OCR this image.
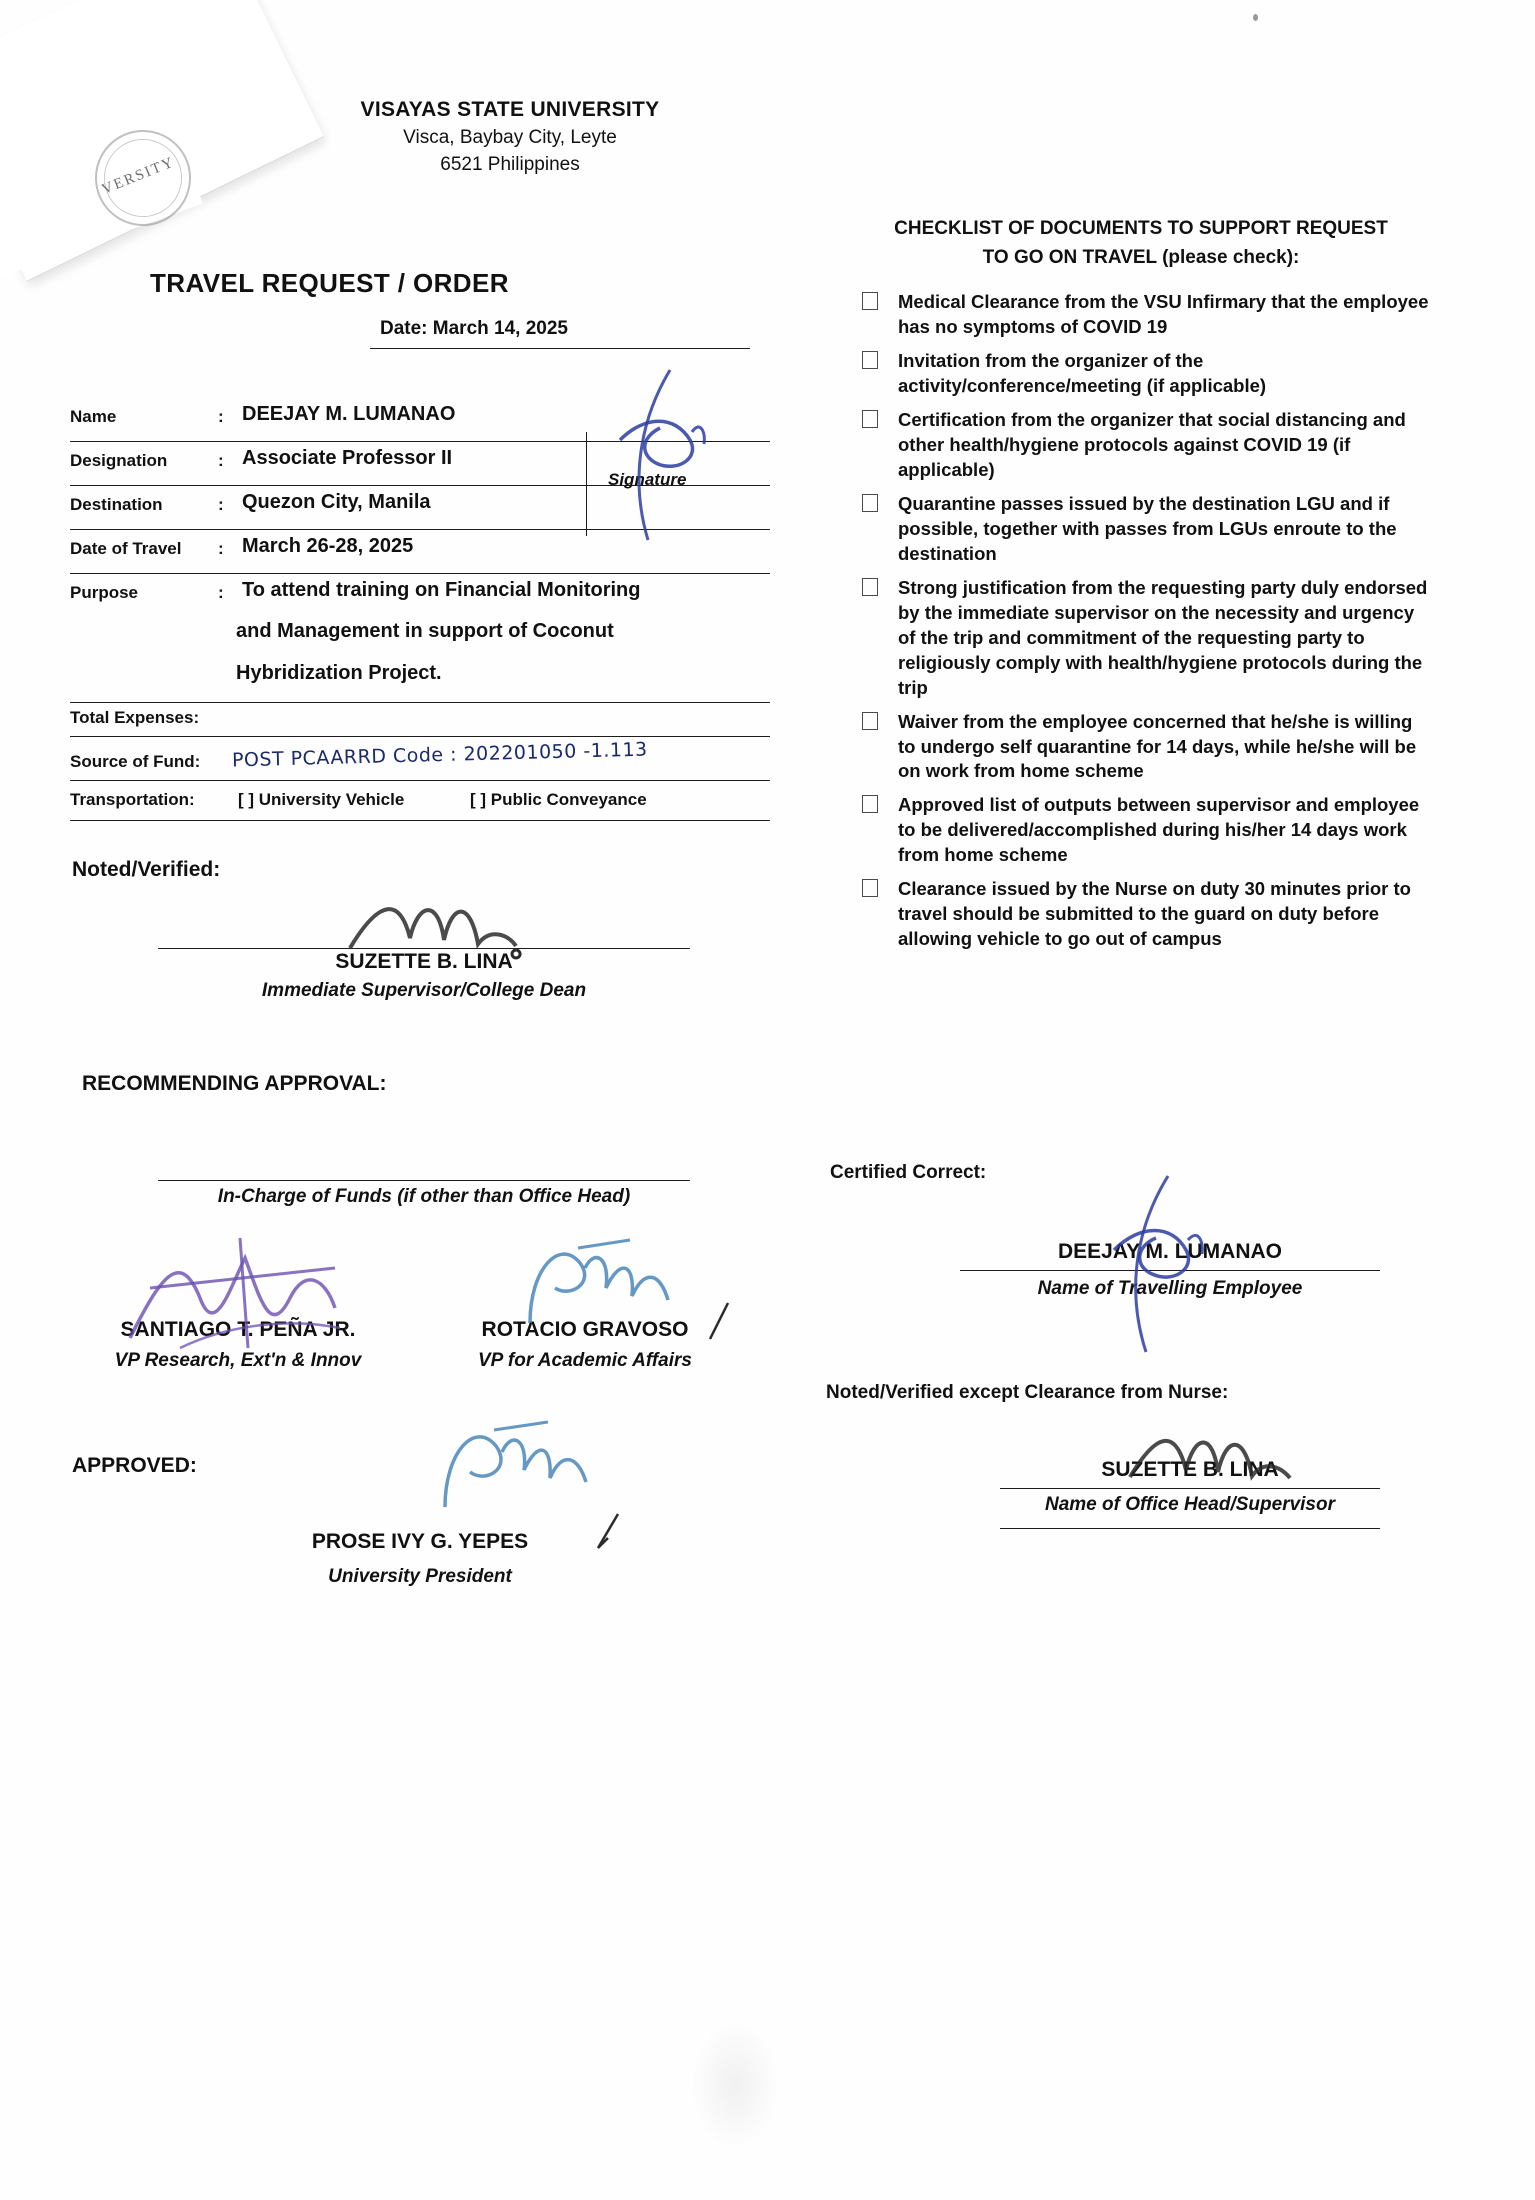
VERSITY
VISAYAS STATE UNIVERSITY
Visca, Baybay City, Leyte
6521 Philippines
TRAVEL REQUEST / ORDER
Date: March 14, 2025
Name	: DEEJAY M. LUMANAO
Designation	: Associate Professor II
Destination	: Quezon City, Manila
Date of Travel : March 26-28, 2025
Purpose	: To attend training on Financial Monitoring
and Management in support of Coconut
Hybridization Project.
Signature
Total Expenses:
Source of Fund: POST PCAARRD Code : 202201050 -1.113
Transportation:	[ ] University Vehicle	[ ] Public Conveyance
Noted/Verified:
SUZETTE B. LINA
Immediate Supervisor/College Dean
RECOMMENDING APPROVAL:
In-Charge of Funds (if other than Office Head)
SANTIAGO T. PEÑA JR.
VP Research, Ext'n & Innov
ROTACIO GRAVOSO
VP for Academic Affairs
APPROVED:
PROSE IVY G. YEPES
University President
CHECKLIST OF DOCUMENTS TO SUPPORT REQUEST
TO GO ON TRAVEL (please check):
Medical Clearance from the VSU Infirmary that the employee has no symptoms of COVID 19
Invitation from the organizer of the activity/conference/meeting (if applicable)
Certification from the organizer that social distancing and other health/hygiene protocols against COVID 19 (if applicable)
Quarantine passes issued by the destination LGU and if possible, together with passes from LGUs enroute to the destination
Strong justification from the requesting party duly endorsed by the immediate supervisor on the necessity and urgency of the trip and commitment of the requesting party to religiously comply with health/hygiene protocols during the trip
Waiver from the employee concerned that he/she is willing to undergo self quarantine for 14 days, while he/she will be on work from home scheme
Approved list of outputs between supervisor and employee to be delivered/accomplished during his/her 14 days work from home scheme
Clearance issued by the Nurse on duty 30 minutes prior to travel should be submitted to the guard on duty before allowing vehicle to go out of campus
Certified Correct:
DEEJAY M. LUMANAO
Name of Travelling Employee
Noted/Verified except Clearance from Nurse:
SUZETTE B. LINA
Name of Office Head/Supervisor
